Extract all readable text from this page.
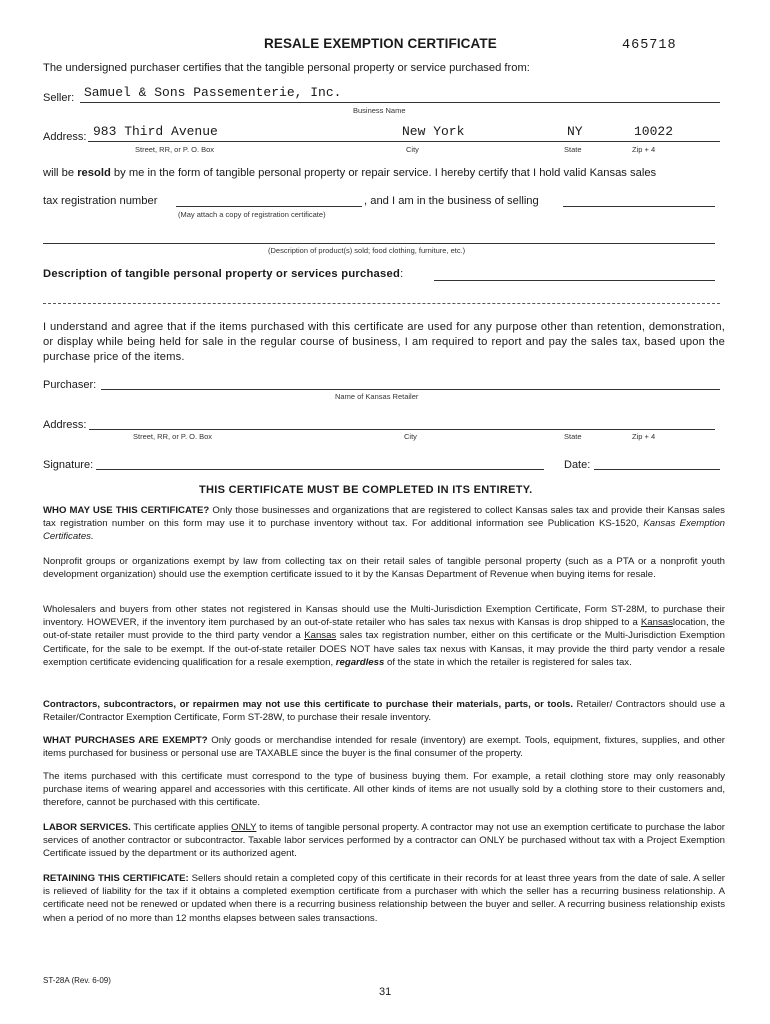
RESALE EXEMPTION CERTIFICATE	465718
The undersigned purchaser certifies that the tangible personal property or service purchased from:
Seller: Samuel & Sons Passementerie, Inc.
Business Name
Address: 983 Third Avenue	New York	NY	10022
Street, RR, or P. O. Box	City	State	Zip + 4
will be resold by me in the form of tangible personal property or repair service. I hereby certify that I hold valid Kansas sales
tax registration number	, and I am in the business of selling
(May attach a copy of registration certificate)
(Description of product(s) sold; food clothing, furniture, etc.)
Description of tangible personal property or services purchased:
I understand and agree that if the items purchased with this certificate are used for any purpose other than retention, demonstration, or display while being held for sale in the regular course of business, I am required to report and pay the sales tax, based upon the purchase price of the items.
Purchaser:
Name of Kansas Retailer
Address:
Street, RR, or P. O. Box	City	State	Zip + 4
Signature:	Date:
THIS CERTIFICATE MUST BE COMPLETED IN ITS ENTIRETY.
WHO MAY USE THIS CERTIFICATE? Only those businesses and organizations that are registered to collect Kansas sales tax and provide their Kansas sales tax registration number on this form may use it to purchase inventory without tax. For additional information see Publication KS-1520, Kansas Exemption Certificates.
Nonprofit groups or organizations exempt by law from collecting tax on their retail sales of tangible personal property (such as a PTA or a nonprofit youth development organization) should use the exemption certificate issued to it by the Kansas Department of Revenue when buying items for resale.
Wholesalers and buyers from other states not registered in Kansas should use the Multi-Jurisdiction Exemption Certificate, Form ST-28M, to purchase their inventory. HOWEVER, if the inventory item purchased by an out-of-state retailer who has sales tax nexus with Kansas is drop shipped to a Kansaslocation, the out-of-state retailer must provide to the third party vendor a Kansas sales tax registration number, either on this certificate or the Multi-Jurisdiction Exemption Certificate, for the sale to be exempt. If the out-of-state retailer DOES NOT have sales tax nexus with Kansas, it may provide the third party vendor a resale exemption certificate evidencing qualification for a resale exemption, regardless of the state in which the retailer is registered for sales tax.
Contractors, subcontractors, or repairmen may not use this certificate to purchase their materials, parts, or tools. Retailer/ Contractors should use a Retailer/Contractor Exemption Certificate, Form ST-28W, to purchase their resale inventory.
WHAT PURCHASES ARE EXEMPT? Only goods or merchandise intended for resale (inventory) are exempt. Tools, equipment, fixtures, supplies, and other items purchased for business or personal use are TAXABLE since the buyer is the final consumer of the property.
The items purchased with this certificate must correspond to the type of business buying them. For example, a retail clothing store may only reasonably purchase items of wearing apparel and accessories with this certificate. All other kinds of items are not usually sold by a clothing store to their customers and, therefore, cannot be purchased with this certificate.
LABOR SERVICES. This certificate applies ONLY to items of tangible personal property. A contractor may not use an exemption certificate to purchase the labor services of another contractor or subcontractor. Taxable labor services performed by a contractor can ONLY be purchased without tax with a Project Exemption Certificate issued by the department or its authorized agent.
RETAINING THIS CERTIFICATE: Sellers should retain a completed copy of this certificate in their records for at least three years from the date of sale. A seller is relieved of liability for the tax if it obtains a completed exemption certificate from a purchaser with which the seller has a recurring business relationship. A certificate need not be renewed or updated when there is a recurring business relationship between the buyer and seller. A recurring business relationship exists when a period of no more than 12 months elapses between sales transactions.
ST-28A (Rev. 6-09)
31
